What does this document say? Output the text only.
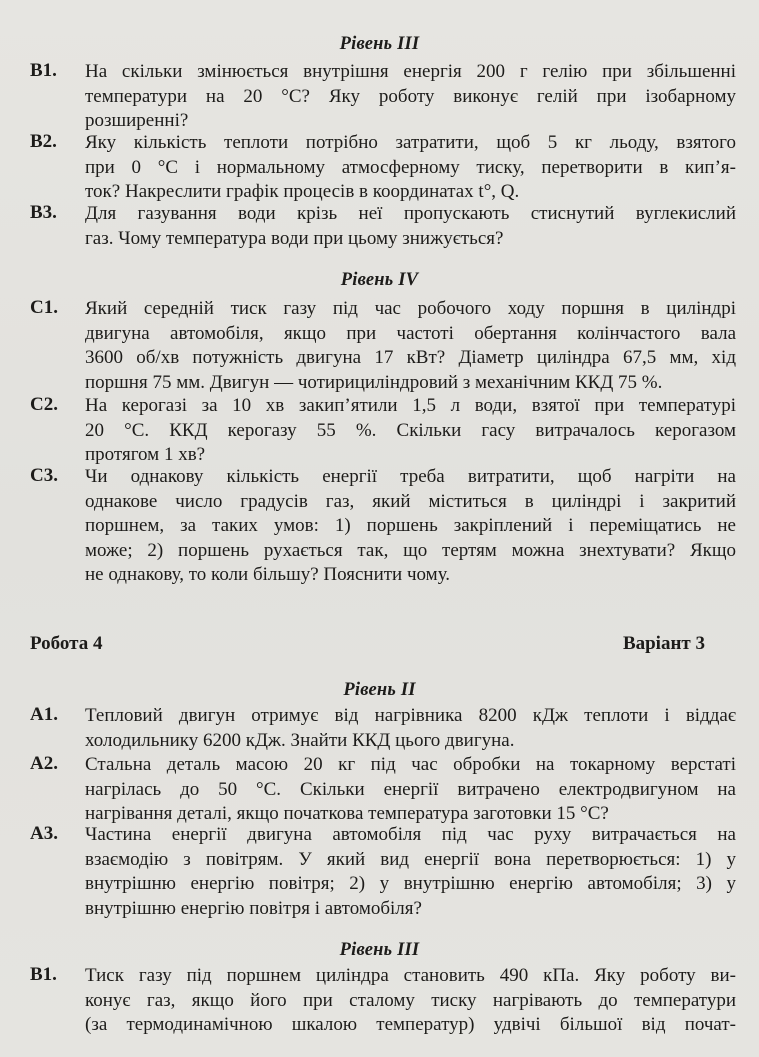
Рівень III
В1. На скільки змінюється внутрішня енергія 200 г гелію при збільшенні
температури на 20 °С? Яку роботу виконує гелій при ізобарному
розширенні?
В2. Яку кількість теплоти потрібно затратити, щоб 5 кг льоду, взятого
при 0 °С і нормальному атмосферному тиску, перетворити в кип’я-
ток? Накреслити графік процесів в координатах t°, Q.
В3. Для газування води крізь неї пропускають стиснутий вуглекислий
газ. Чому температура води при цьому знижується?
Рівень IV
С1. Який середній тиск газу під час робочого ходу поршня в циліндрі
двигуна автомобіля, якщо при частоті обертання колінчастого вала
3600 об/хв потужність двигуна 17 кВт? Діаметр циліндра 67,5 мм, хід
поршня 75 мм. Двигун — чотирициліндровий з механічним ККД 75 %.
С2. На керогазі за 10 хв закип’ятили 1,5 л води, взятої при температурі
20 °С. ККД керогазу 55 %. Скільки гасу витрачалось керогазом
протягом 1 хв?
С3. Чи однакову кількість енергії треба витратити, щоб нагріти на
однакове число градусів газ, який міститься в циліндрі і закритий
поршнем, за таких умов: 1) поршень закріплений і переміщатись не
може; 2) поршень рухається так, що тертям можна знехтувати? Якщо
не однакову, то коли більшу? Пояснити чому.
Робота 4	Варіант 3
Рівень II
А1. Тепловий двигун отримує від нагрівника 8200 кДж теплоти і віддає
холодильнику 6200 кДж. Знайти ККД цього двигуна.
А2. Стальна деталь масою 20 кг під час обробки на токарному верстаті
нагрілась до 50 °С. Скільки енергії витрачено електродвигуном на
нагрівання деталі, якщо початкова температура заготовки 15 °С?
А3. Частина енергії двигуна автомобіля під час руху витрачається на
взаємодію з повітрям. У який вид енергії вона перетворюється: 1) у
внутрішню енергію повітря; 2) у внутрішню енергію автомобіля; 3) у
внутрішню енергію повітря і автомобіля?
Рівень III
В1. Тиск газу під поршнем циліндра становить 490 кПа. Яку роботу ви-
конує газ, якщо його при сталому тиску нагрівають до температури
(за термодинамічною шкалою температур) удвічі більшої від почат-
